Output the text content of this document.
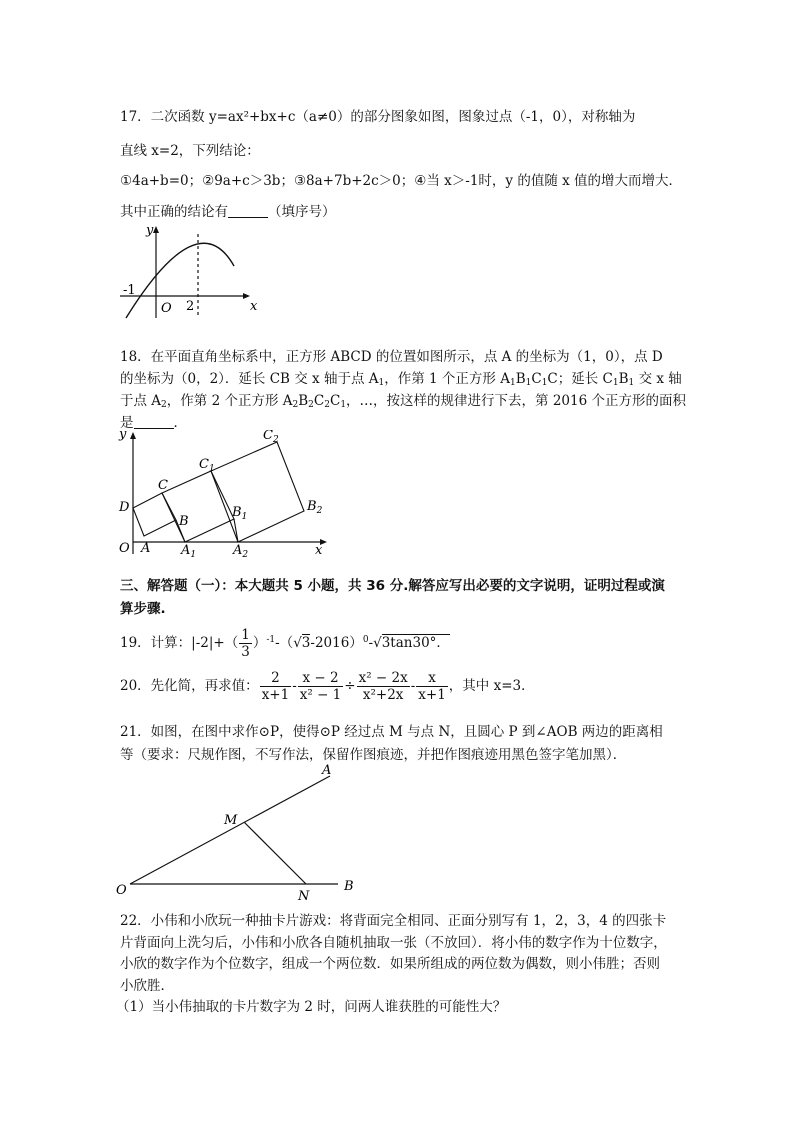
17．二次函数 y=ax²+bx+c（a≠0）的部分图象如图，图象过点（-1，0），对称轴为
直线 x=2，下列结论：
①4a+b=0；②9a+c＞3b；③8a+7b+2c＞0；④当 x＞-1时，y 的值随 x 值的增大而增大．
其中正确的结论有	（填序号）
y
x
O
-1
2
18．在平面直角坐标系中，正方形 ABCD 的位置如图所示，点 A 的坐标为（1，0），点 D
的坐标为（0，2）．延长 CB 交 x 轴于点 $A_1$，作第 1 个正方形 $A_1B_1C_1C$；延长 $C_1B_1$ 交 x 轴
于点 $A_2$，作第 2 个正方形 $A_2B_2C_2C_1$，…，按这样的规律进行下去，第 2016 个正方形的面积
是	．
y
x
O A $A_1$	$A_2$
B
$B_1$
$B_2$
C
$C_1$
$C_2$
D
三、解答题（一）：本大题共 5 小题，共 36 分.解答应写出必要的文字说明，证明过程或演
算步骤.
19．计算：$|-2|+( \frac{1}{3} )^{-1}-(√3-2016)^0-√3\tan 30^\circ$．
20．先化简，再求值： $\frac{2}{x+1} - \frac{x - 2}{\text{x² − 1}} \div \frac{\text{x² − 2x}}{\text{x²+2x}} - \frac{x}{x+1}$ ，其中 x=3．
21．如图，在图中求作⊙P，使得⊙P 经过点 M 与点 N，且圆心 P 到∠AOB 两边的距离相
等（要求：尺规作图，不写作法，保留作图痕迹，并把作图痕迹用黑色签字笔加黑）．
A
B
O
M
N
22．小伟和小欣玩一种抽卡片游戏：将背面完全相同、正面分别写有 1，2，3，4 的四张卡
片背面向上洗匀后，小伟和小欣各自随机抽取一张（不放回）．将小伟的数字作为十位数字，
小欣的数字作为个位数字，组成一个两位数．如果所组成的两位数为偶数，则小伟胜；否则
小欣胜．
（1）当小伟抽取的卡片数字为 2 时，问两人谁获胜的可能性大？
